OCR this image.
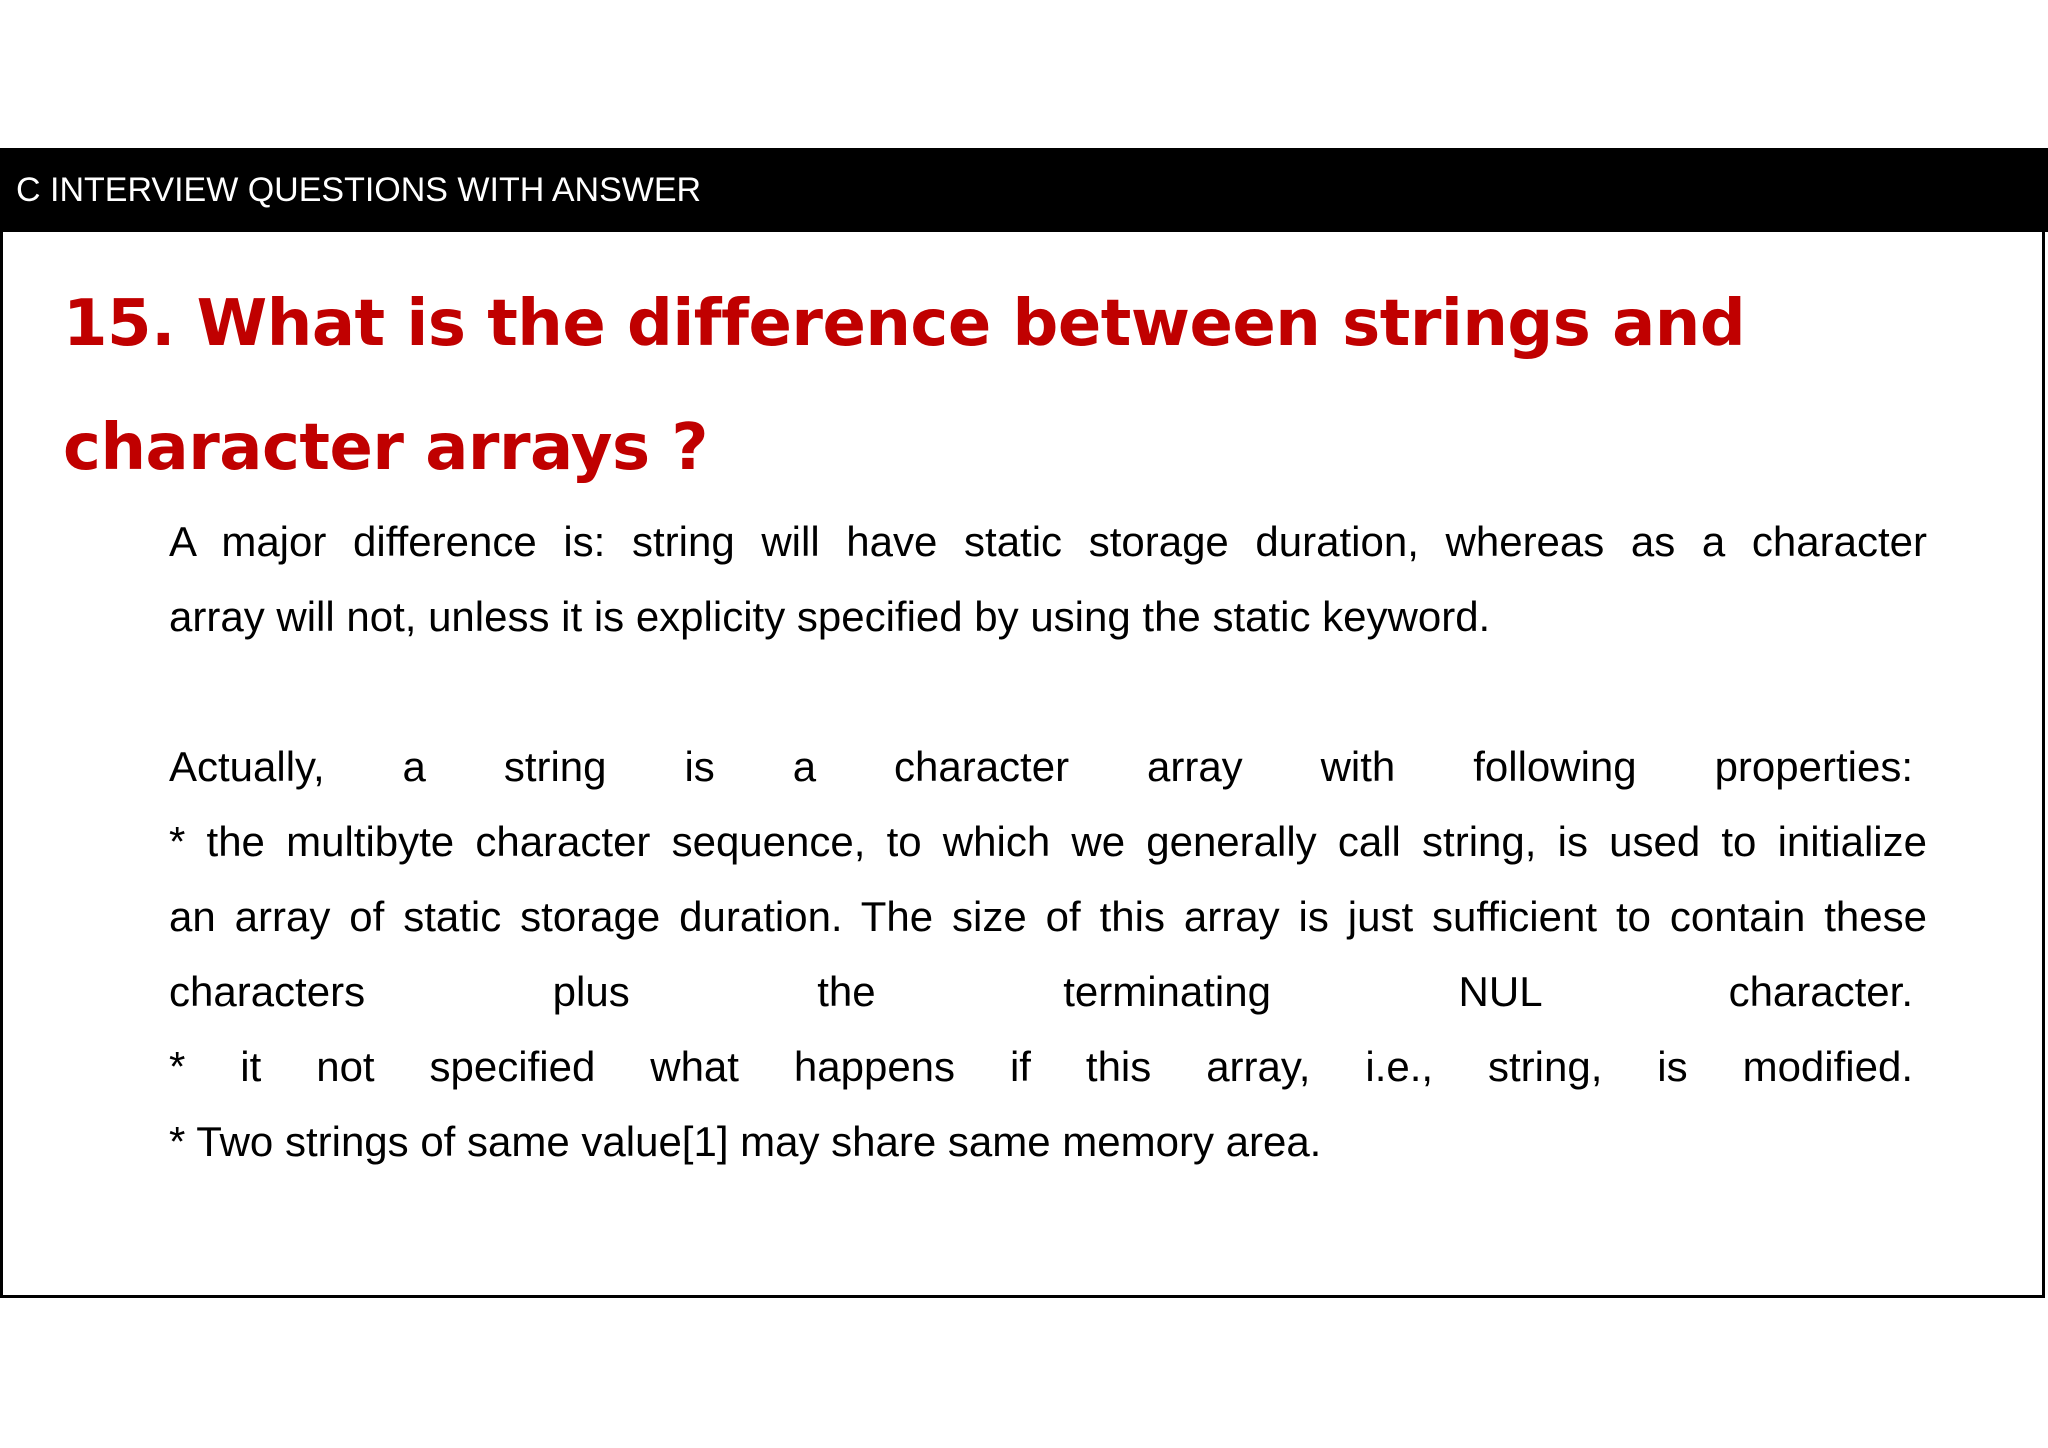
C INTERVIEW QUESTIONS WITH ANSWER
15. What is the difference between strings and
character arrays ?

A major difference is: string will have static storage duration, whereas as a character

array will not, unless it is explicity specified by using the static keyword.

Actually, a string is a character array with following properties:

* the multibyte character sequence, to which we generally call string, is used to initialize

an array of static storage duration. The size of this array is just sufficient to contain these

characters plus the terminating NUL character.

* it not specified what happens if this array, i.e., string, is modified.

* Two strings of same value[1] may share same memory area.
